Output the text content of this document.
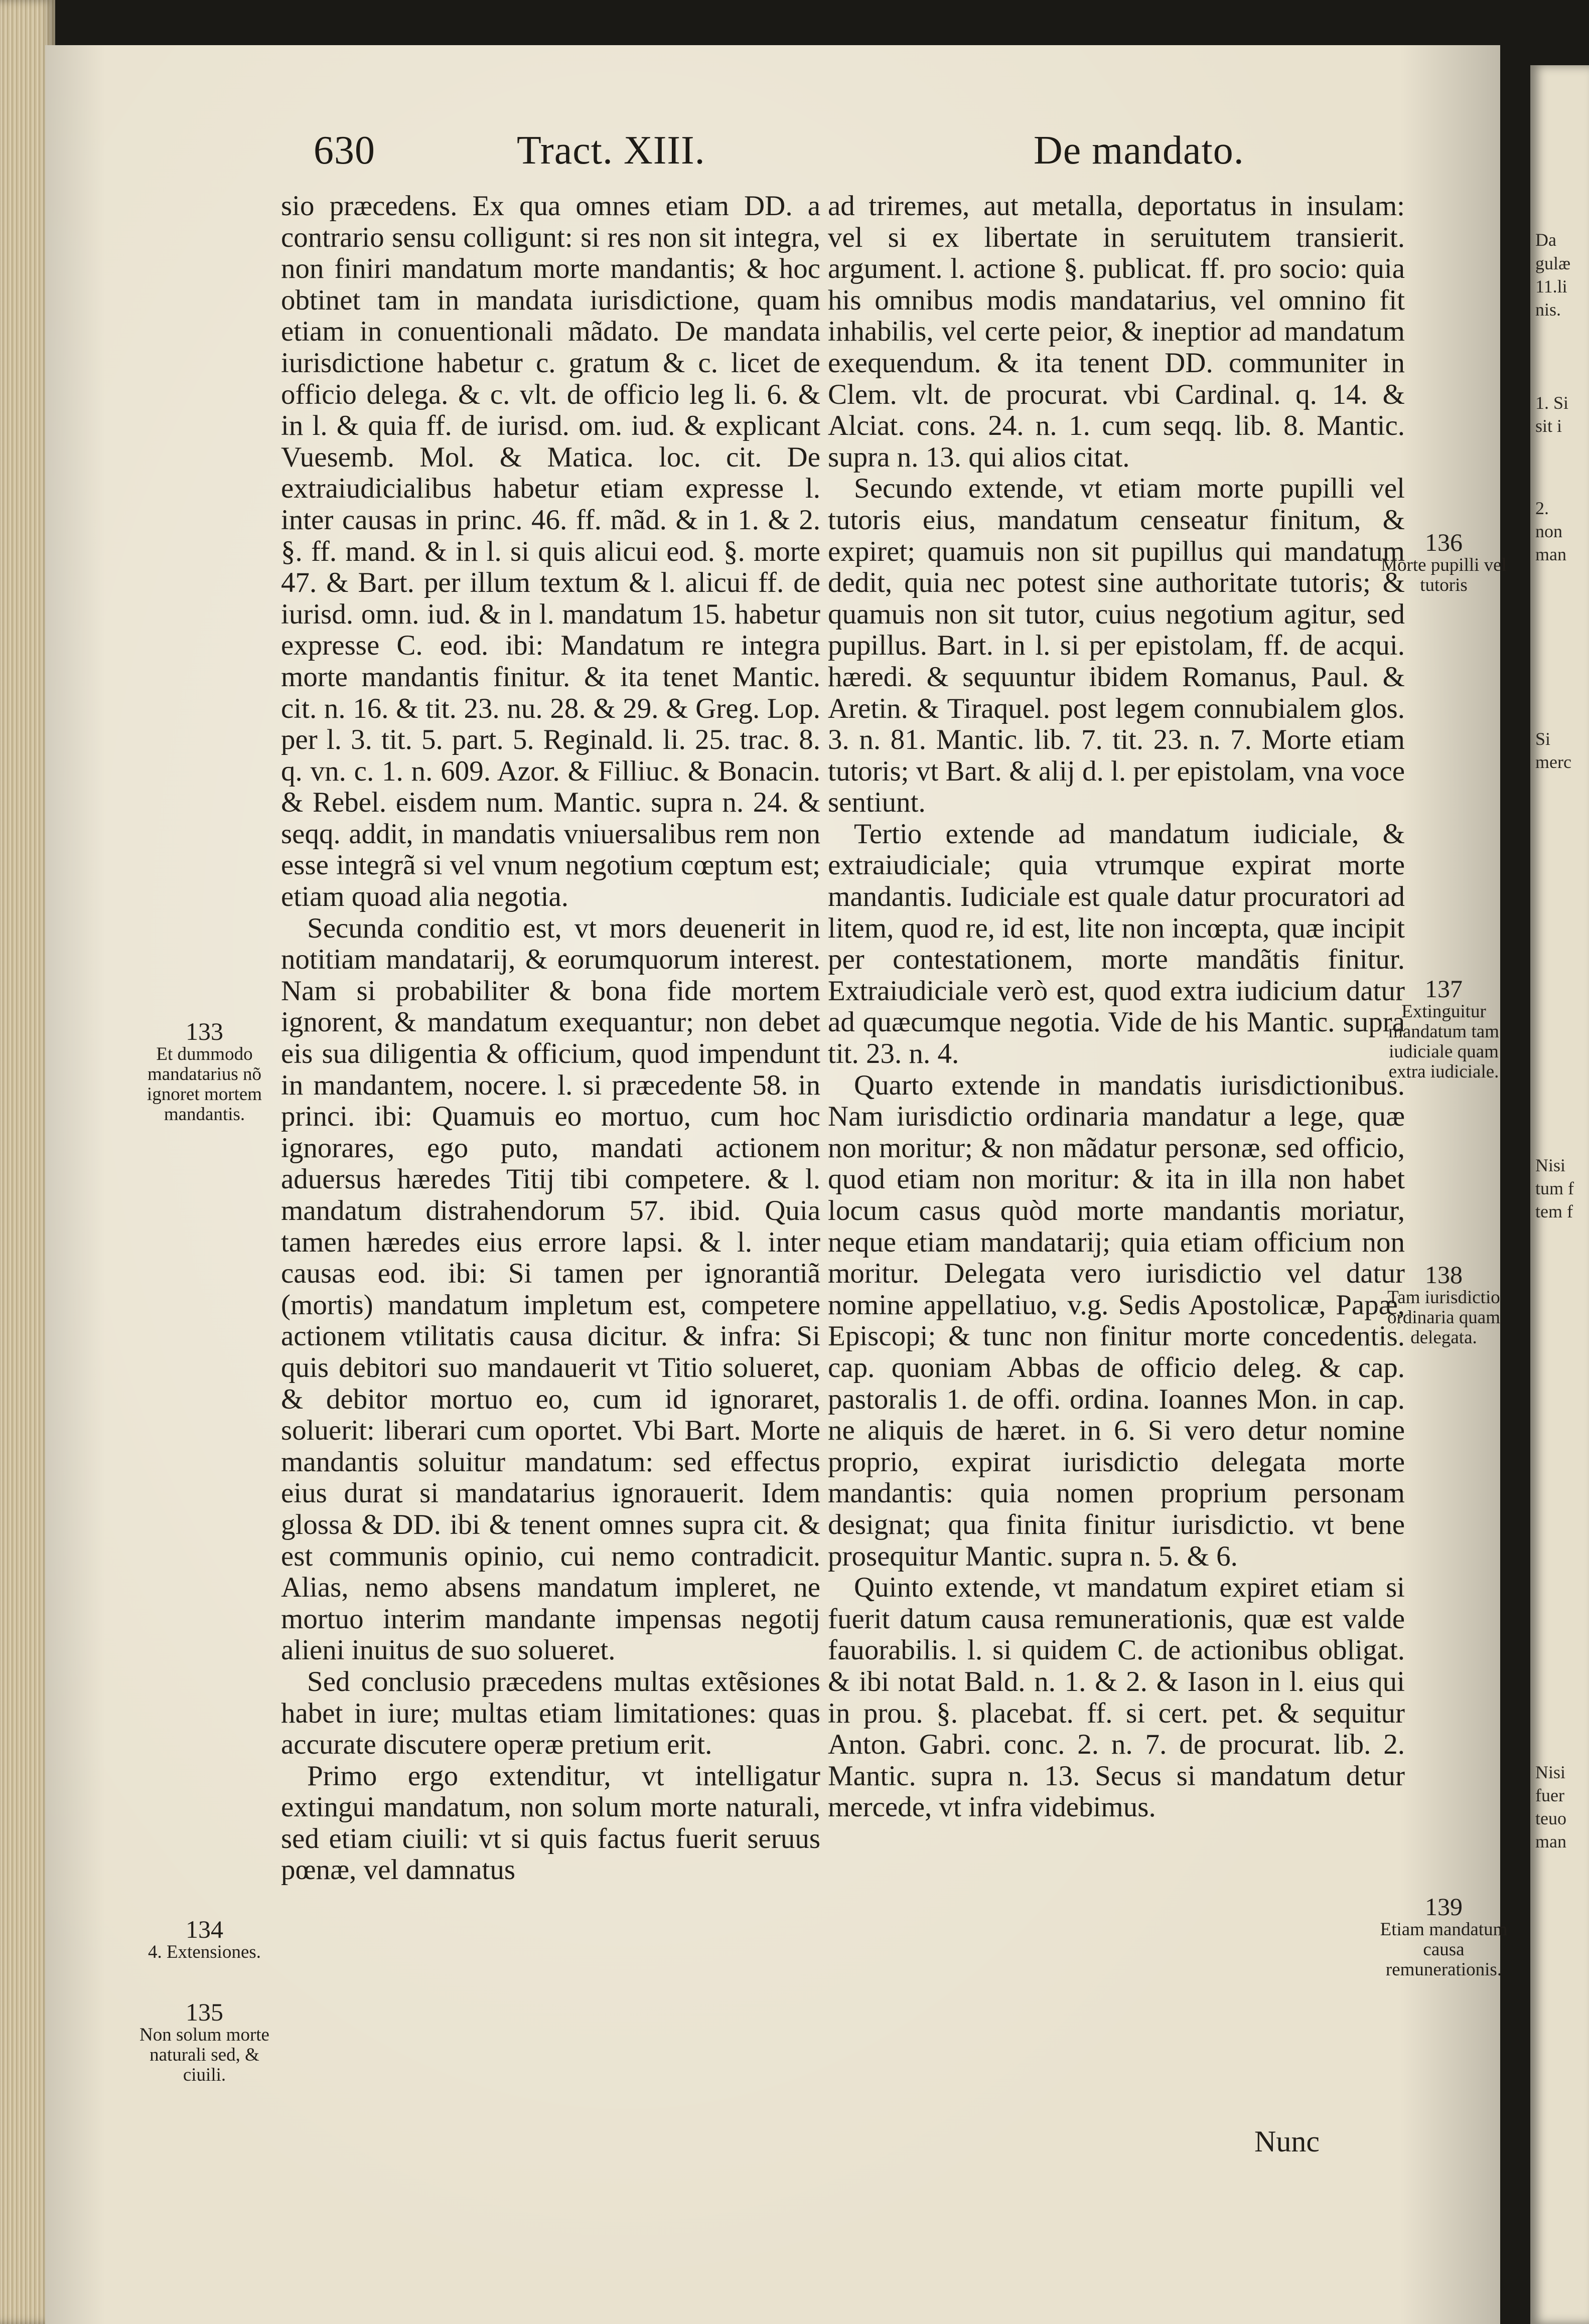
Da
gulæ
11.li
nis.
1. Si
sit i
2.
non
man
Si
merc
Nisi
tum f
tem f
Nisi
fuer
teuo
man
630	Tract. XIII.	De mandato.

sio præcedens. Ex qua omnes etiam DD. a contrario sensu colligunt: si res non sit integra, non finiri mandatum morte mandantis; & hoc obtinet tam in mandata iurisdictione, quam etiam in conuentionali mãdato. De mandata iurisdictione habetur c. gratum & c. licet de officio delega. & c. vlt. de officio leg li. 6. & in l. & quia ff. de iurisd. om. iud. & explicant Vuesemb. Mol. & Matica. loc. cit. De extraiudicialibus habetur etiam expresse l. inter causas in princ. 46. ff. mãd. & in 1. & 2. §. ff. mand. & in l. si quis alicui eod. §. morte 47. & Bart. per illum textum & l. alicui ff. de iurisd. omn. iud. & in l. mandatum 15. habetur expresse C. eod. ibi: Mandatum re integra morte mandantis finitur. & ita tenet Mantic. cit. n. 16. & tit. 23. nu. 28. & 29. & Greg. Lop. per l. 3. tit. 5. part. 5. Reginald. li. 25. trac. 8. q. vn. c. 1. n. 609. Azor. & Filliuc. & Bonacin. & Rebel. eisdem num. Mantic. supra n. 24. & seqq. addit, in mandatis vniuersalibus rem non esse integrã si vel vnum negotium cœptum est; etiam quoad alia negotia.

Secunda conditio est, vt mors deuenerit in notitiam mandatarij, & eorumquorum interest. Nam si probabiliter & bona fide mortem ignorent, & mandatum exequantur; non debet eis sua diligentia & officium, quod impendunt in mandantem, nocere. l. si præcedente 58. in princi. ibi: Quamuis eo mortuo, cum hoc ignorares, ego puto, mandati actionem aduersus hæredes Titij tibi competere. & l. mandatum distrahendorum 57. ibid. Quia tamen hæredes eius errore lapsi. & l. inter causas eod. ibi: Si tamen per ignorantiã (mortis) mandatum impletum est, competere actionem vtilitatis causa dicitur. & infra: Si quis debitori suo mandauerit vt Titio solueret, & debitor mortuo eo, cum id ignoraret, soluerit: liberari cum oportet. Vbi Bart. Morte mandantis soluitur mandatum: sed effectus eius durat si mandatarius ignorauerit. Idem glossa & DD. ibi & tenent omnes supra cit. & est communis opinio, cui nemo contradicit. Alias, nemo absens mandatum impleret, ne mortuo interim mandante impensas negotij alieni inuitus de suo solueret.

Sed conclusio præcedens multas extẽsiones habet in iure; multas etiam limitationes: quas accurate discutere operæ pretium erit.

Primo ergo extenditur, vt intelligatur extingui mandatum, non solum morte naturali, sed etiam ciuili: vt si quis factus fuerit seruus pœnæ, vel damnatus

ad triremes, aut metalla, deportatus in insulam: vel si ex libertate in seruitutem transierit. argument. l. actione §. publicat. ff. pro socio: quia his omnibus modis mandatarius, vel omnino fit inhabilis, vel certe peior, & ineptior ad mandatum exequendum. & ita tenent DD. communiter in Clem. vlt. de procurat. vbi Cardinal. q. 14. & Alciat. cons. 24. n. 1. cum seqq. lib. 8. Mantic. supra n. 13. qui alios citat.

Secundo extende, vt etiam morte pupilli vel tutoris eius, mandatum censeatur finitum, & expiret; quamuis non sit pupillus qui mandatum dedit, quia nec potest sine authoritate tutoris; & quamuis non sit tutor, cuius negotium agitur, sed pupillus. Bart. in l. si per epistolam, ff. de acqui. hæredi. & sequuntur ibidem Romanus, Paul. & Aretin. & Tiraquel. post legem connubialem glos. 3. n. 81. Mantic. lib. 7. tit. 23. n. 7. Morte etiam tutoris; vt Bart. & alij d. l. per epistolam, vna voce sentiunt.

Tertio extende ad mandatum iudiciale, & extraiudiciale; quia vtrumque expirat morte mandantis. Iudiciale est quale datur procuratori ad litem, quod re, id est, lite non incœpta, quæ incipit per contestationem, morte mandãtis finitur. Extraiudiciale verò est, quod extra iudicium datur ad quæcumque negotia. Vide de his Mantic. supra tit. 23. n. 4.

Quarto extende in mandatis iurisdictionibus. Nam iurisdictio ordinaria mandatur a lege, quæ non moritur; & non mãdatur personæ, sed officio, quod etiam non moritur: & ita in illa non habet locum casus quòd morte mandantis moriatur, neque etiam mandatarij; quia etiam officium non moritur. Delegata vero iurisdictio vel datur nomine appellatiuo, v.g. Sedis Apostolicæ, Papæ, Episcopi; & tunc non finitur morte concedentis. cap. quoniam Abbas de officio deleg. & cap. pastoralis 1. de offi. ordina. Ioannes Mon. in cap. ne aliquis de hæret. in 6. Si vero detur nomine proprio, expirat iurisdictio delegata morte mandantis: quia nomen proprium personam designat; qua finita finitur iurisdictio. vt bene prosequitur Mantic. supra n. 5. & 6.

Quinto extende, vt mandatum expiret etiam si fuerit datum causa remunerationis, quæ est valde fauorabilis. l. si quidem C. de actionibus obligat. & ibi notat Bald. n. 1. & 2. & Iason in l. eius qui in prou. §. placebat. ff. si cert. pet. & sequitur Anton. Gabri. conc. 2. n. 7. de procurat. lib. 2. Mantic. supra n. 13. Secus si mandatum detur mercede, vt infra videbimus.

Nunc
133
Et dummodo mandatarius nõ ignoret mortem mandantis.
134
4. Extensiones.
135
Non solum morte naturali sed, & ciuili.
136
Morte pupilli vel tutoris
137
Extinguitur mandatum tam iudiciale quam extra iudiciale.
138
Tam iurisdictio ordinaria quam delegata.
139
Etiam mandatum causa remunerationis.
